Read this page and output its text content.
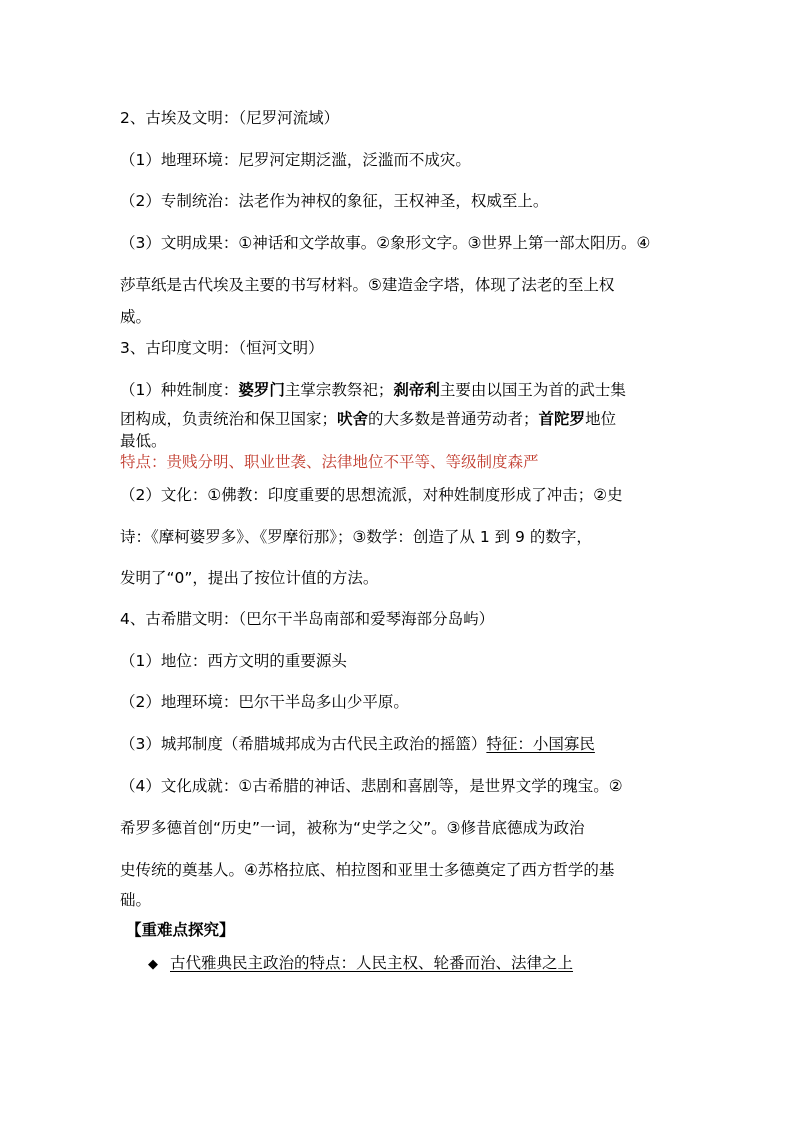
2、古埃及文明：（尼罗河流域）
（1）地理环境：尼罗河定期泛滥，泛滥而不成灾。
（2）专制统治：法老作为神权的象征，王权神圣，权威至上。
（3）文明成果：①神话和文学故事。②象形文字。③世界上第一部太阳历。④
莎草纸是古代埃及主要的书写材料。⑤建造金字塔，体现了法老的至上权
威。
3、古印度文明：（恒河文明）
（1）种姓制度：婆罗门主掌宗教祭祀；刹帝利主要由以国王为首的武士集
团构成，负责统治和保卫国家；吠舍的大多数是普通劳动者；首陀罗地位
最低。
特点：贵贱分明、职业世袭、法律地位不平等、等级制度森严
（2）文化：①佛教：印度重要的思想流派，对种姓制度形成了冲击；②史
诗：《摩柯婆罗多》、《罗摩衍那》；③数学：创造了从 1 到 9 的数字，
发明了“0”，提出了按位计值的方法。
4、古希腊文明：（巴尔干半岛南部和爱琴海部分岛屿）
（1）地位：西方文明的重要源头
（2）地理环境：巴尔干半岛多山少平原。
（3）城邦制度（希腊城邦成为古代民主政治的摇篮）特征：小国寡民
（4）文化成就：①古希腊的神话、悲剧和喜剧等，是世界文学的瑰宝。②
希罗多德首创“历史”一词，被称为“史学之父”。③修昔底德成为政治
史传统的奠基人。④苏格拉底、柏拉图和亚里士多德奠定了西方哲学的基
础。
【重难点探究】
◆ 古代雅典民主政治的特点：人民主权、轮番而治、法律之上
